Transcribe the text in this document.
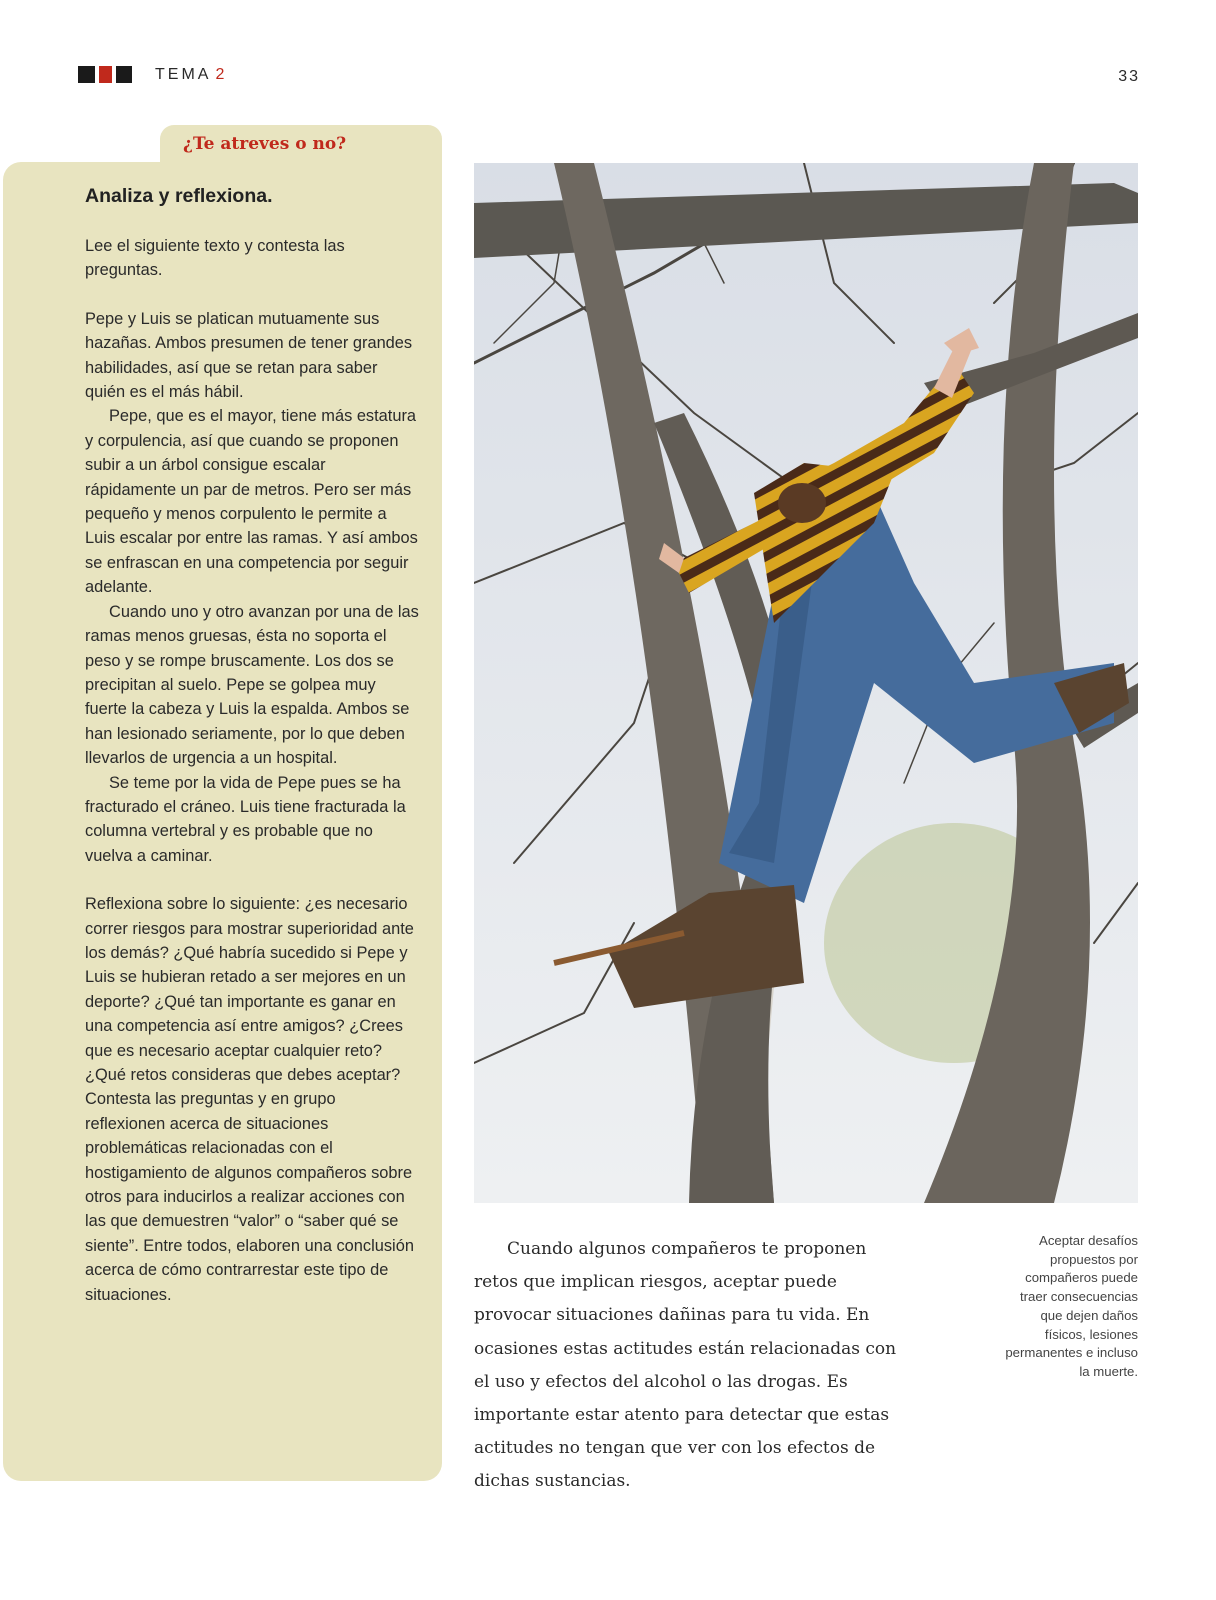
TEMA 2	33
¿Te atreves o no?
Analiza y reflexiona.

Lee el siguiente texto y contesta las preguntas.

Pepe y Luis se platican mutuamente sus hazañas. Ambos presumen de tener grandes habilidades, así que se retan para saber quién es el más hábil.

Pepe, que es el mayor, tiene más estatura y corpulencia, así que cuando se proponen subir a un árbol consigue escalar rápidamente un par de metros. Pero ser más pequeño y menos corpulento le permite a Luis escalar por entre las ramas. Y así ambos se enfrascan en una competencia por seguir adelante.

Cuando uno y otro avanzan por una de las ramas menos gruesas, ésta no soporta el peso y se rompe bruscamente. Los dos se precipitan al suelo. Pepe se golpea muy fuerte la cabeza y Luis la espalda. Ambos se han lesionado seriamente, por lo que deben llevarlos de urgencia a un hospital.

Se teme por la vida de Pepe pues se ha fracturado el cráneo. Luis tiene fracturada la columna vertebral y es probable que no vuelva a caminar.

Reflexiona sobre lo siguiente: ¿es necesario correr riesgos para mostrar superioridad ante los demás? ¿Qué habría sucedido si Pepe y Luis se hubieran retado a ser mejores en un deporte? ¿Qué tan importante es ganar en una competencia así entre amigos? ¿Crees que es necesario aceptar cualquier reto? ¿Qué retos consideras que debes aceptar? Contesta las preguntas y en grupo reflexionen acerca de situaciones problemáticas relacionadas con el hostigamiento de algunos compañeros sobre otros para inducirlos a realizar acciones con las que demuestren “valor” o “saber qué se siente”. Entre todos, elaboren una conclusión acerca de cómo contrarrestar este tipo de situaciones.

Cuando algunos compañeros te proponen retos que implican riesgos, aceptar puede provocar situaciones dañinas para tu vida. En ocasiones estas actitudes están relacionadas con el uso y efectos del alcohol o las drogas. Es importante estar atento para detectar que estas actitudes no tengan que ver con los efectos de dichas sustancias.

Aceptar desafíos propuestos por compañeros puede traer consecuencias que dejen daños físicos, lesiones permanentes e incluso la muerte.
